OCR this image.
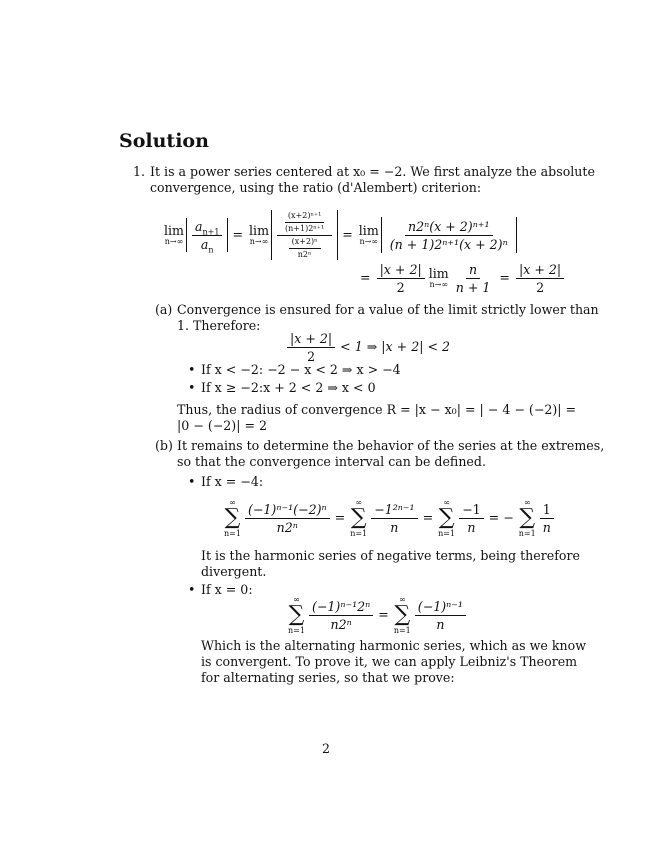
Solution
1. It is a power series centered at x₀ = −2. We first analyze the absolute
convergence, using the ratio (d'Alembert) criterion:
lim
$n\to\infty \frac{a_{n+1}}{a_n} = \lim$
$n\to\infty \frac{\frac{\text{(x+2)ⁿ⁺¹}}{\text{(n+1)2ⁿ⁺¹}}}{\frac{\text{(x+2)ⁿ}}{\text{n2ⁿ}}} = \lim$
$n\to\infty \frac{\text{n2ⁿ(x + 2)ⁿ⁺¹}}{\text{(n + 1)2ⁿ⁺¹(x + 2)ⁿ}}$
= $\frac{|x + 2|}{2}$ lim
$n\to\infty \frac{n}{n + 1} = \frac{|x + 2|}{2}$
(a) Convergence is ensured for a value of the limit strictly lower than
1. Therefore:
$\frac{|x + 2|}{2} < 1$ ⇒ |x + 2| < 2
• If x < −2: −2 − x < 2 ⇒ x > −4
• If x ≥ −2:x + 2 < 2 ⇒ x < 0
Thus, the radius of convergence R = |x − x₀| = | − 4 − (−2)| =
|0 − (−2)| = 2
(b) It remains to determine the behavior of the series at the extremes,
so that the convergence interval can be defined.
• If x = −4:
∞
∑
$n=1 \frac{\text{(−1)ⁿ⁻¹(−2)ⁿ}}{\text{n2ⁿ}}$ =
∞
∑
$n=1 \frac{\text{−1²ⁿ⁻¹}}{n}$ =
∞
∑
$n=1 \frac{-1}{n}$ = −
∞
∑
$n=1 \frac{1}{n}$
It is the harmonic series of negative terms, being therefore
divergent.
• If x = 0:
∞
∑
$n=1 \frac{\text{(−1)ⁿ⁻¹2ⁿ}}{\text{n2ⁿ}}$ =
∞
∑
$n=1 \frac{\text{(−1)ⁿ⁻¹}}{n}$
Which is the alternating harmonic series, which as we know
is convergent. To prove it, we can apply Leibniz's Theorem
for alternating series, so that we prove:
2
